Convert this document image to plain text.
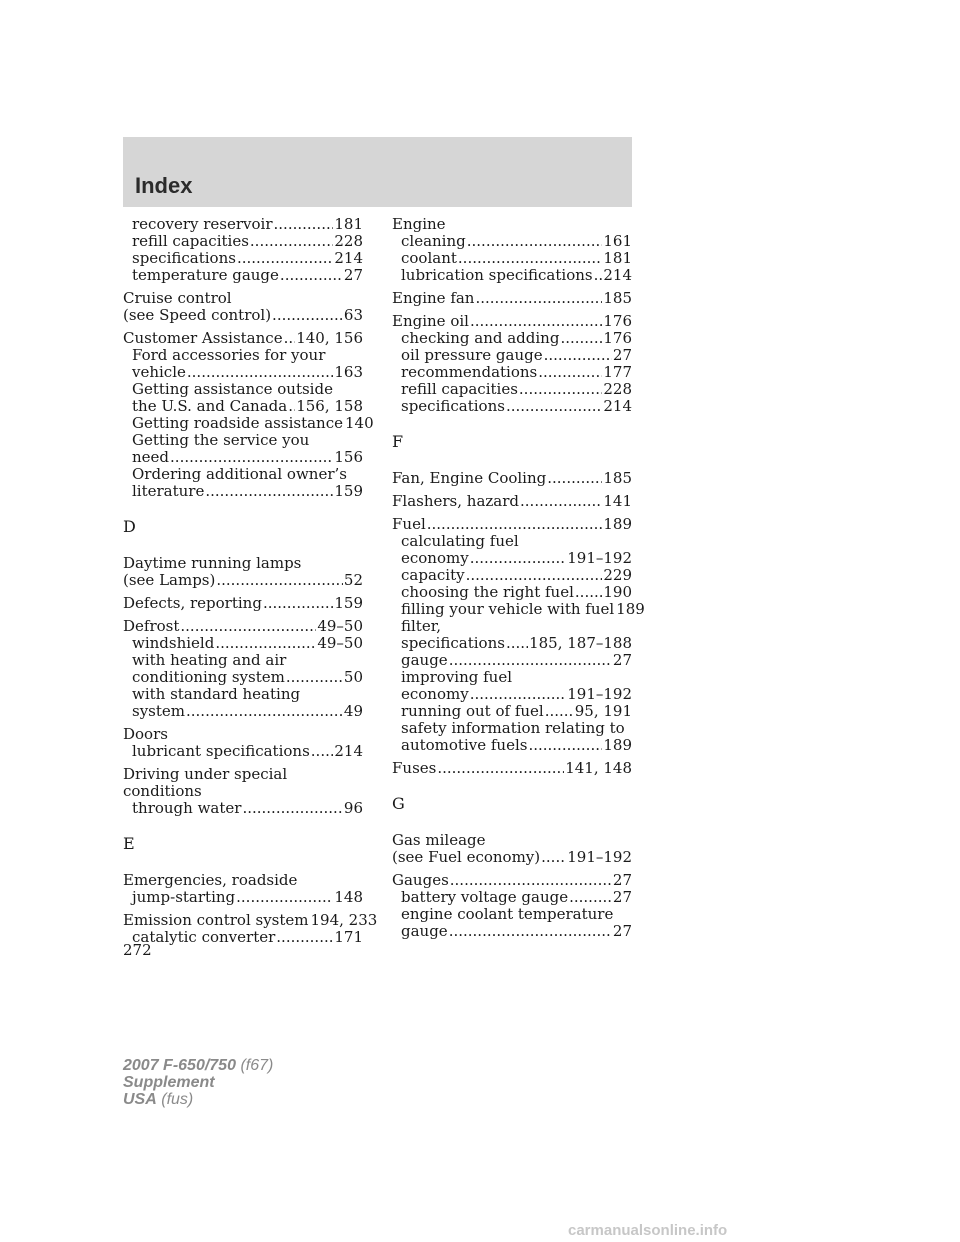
Index
recovery reservoir .....	181
refill capacities .....	228
specifications .....	214
temperature gauge .....	27
Cruise control
(see Speed control) .....	63
Customer Assistance ..... 140, 156
Ford accessories for your
vehicle .....	163
Getting assistance outside
the U.S. and Canada ..... 156, 158
Getting roadside assistance 140
Getting the service you
need .....	156
Ordering additional owner’s
literature .....	159
D
Daytime running lamps
(see Lamps) .....	52
Defects, reporting .....	159
Defrost .....	49–50
windshield .....	49–50
with heating and air
conditioning system .....	50
with standard heating
system .....	49
Doors
lubricant specifications ..... 214
Driving under special
conditions
through water .....	96
E
Emergencies, roadside
jump-starting .....	148
Emission control system 194, 233
catalytic converter .....	171
Engine
cleaning .....	161
coolant .....	181
lubrication specifications ..... 214
Engine fan .....	185
Engine oil .....	176
checking and adding .....	176
oil pressure gauge .....	27
recommendations .....	177
refill capacities .....	228
specifications .....	214
F
Fan, Engine Cooling .....	185
Flashers, hazard .....	141
Fuel .....	189
calculating fuel
economy .....	191–192
capacity .....	229
choosing the right fuel ..... 190
filling your vehicle with fuel 189
filter,
specifications ..... 185, 187–188
gauge .....	27
improving fuel
economy .....	191–192
running out of fuel ..... 95, 191
safety information relating to
automotive fuels .....	189
Fuses .....	141, 148
G
Gas mileage
(see Fuel economy) ..... 191–192
Gauges .....	27
battery voltage gauge .....	27
engine coolant temperature
gauge .....	27

272

2007 F-650/750 (f67)
Supplement
USA (fus)
carmanualsonline.info
